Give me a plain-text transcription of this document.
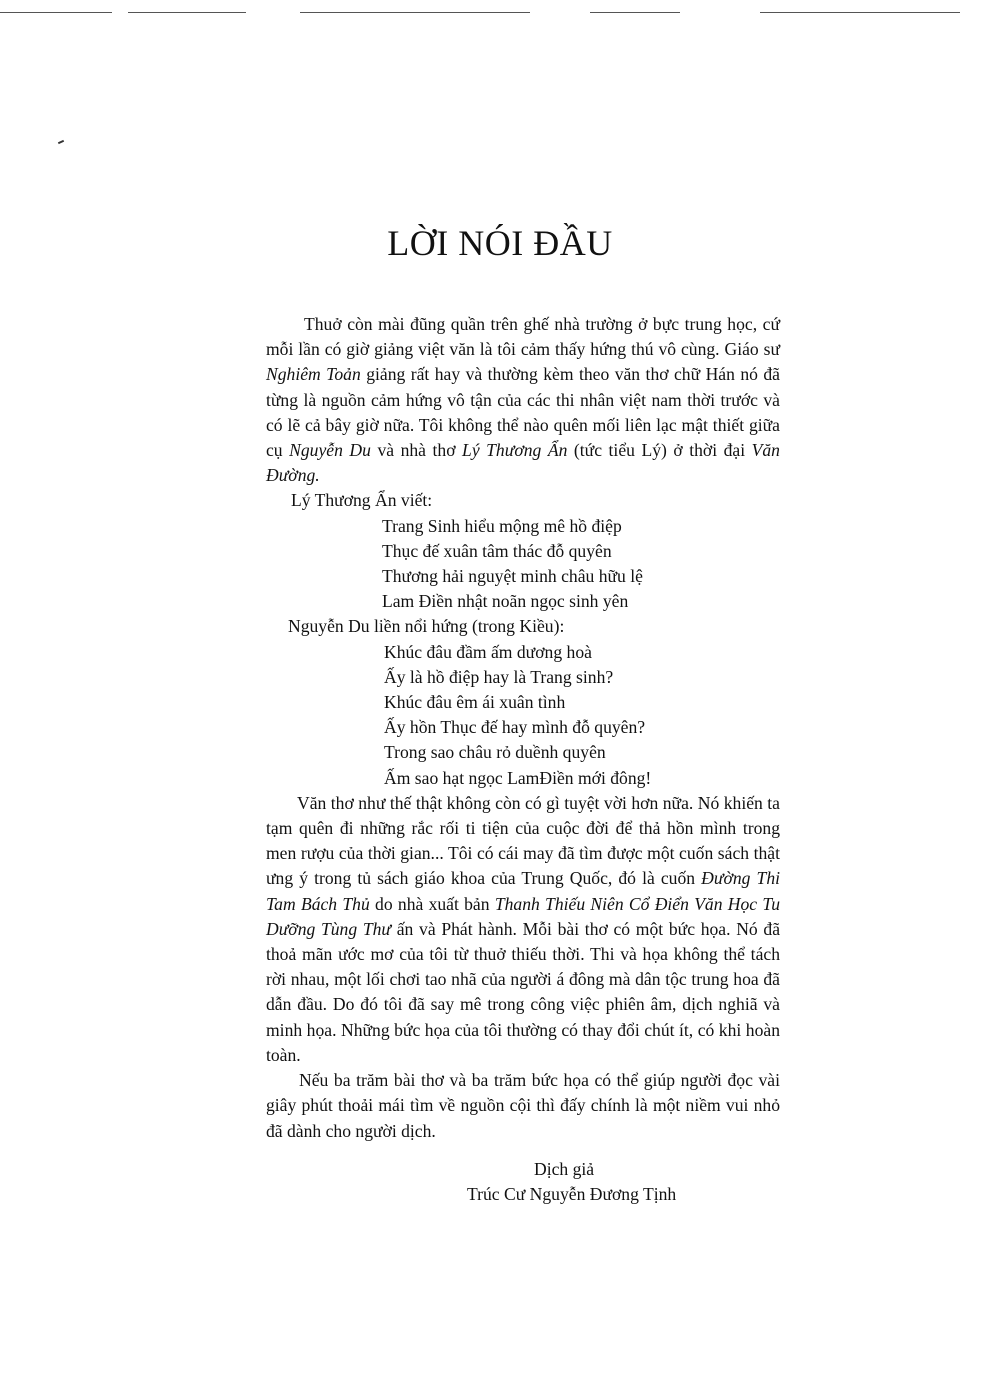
LỜI NÓI ĐẦU

Thuở còn mài đũng quần trên ghế nhà trường ở bực trung học, cứ mỗi lần có giờ giảng việt văn là tôi cảm thấy hứng thú vô cùng. Giáo sư Nghiêm Toản giảng rất hay và thường kèm theo văn thơ chữ Hán nó đã từng là nguồn cảm hứng vô tận của các thi nhân việt nam thời trước và có lẽ cả bây giờ nữa. Tôi không thể nào quên mối liên lạc mật thiết giữa cụ Nguyễn Du và nhà thơ Lý Thương Ẩn (tức tiểu Lý) ở thời đại Văn Đường.

Lý Thương Ẩn viết:

Trang Sinh hiểu mộng mê hồ điệp

Thục đế xuân tâm thác đỗ quyên

Thương hải nguyệt minh châu hữu lệ

Lam Điền nhật noãn ngọc sinh yên

Nguyễn Du liền nổi hứng (trong Kiều):

Khúc đâu đầm ấm dương hoà

Ấy là hồ điệp hay là Trang sinh?

Khúc đâu êm ái xuân tình

Ấy hồn Thục đế hay mình đỗ quyên?

Trong sao châu rỏ duềnh quyên

Ấm sao hạt ngọc LamĐiền mới đông!

Văn thơ như thế thật không còn có gì tuyệt vời hơn nữa. Nó khiến ta tạm quên đi những rắc rối ti tiện của cuộc đời để thả hồn mình trong men rượu của thời gian... Tôi có cái may đã tìm được một cuốn sách thật ưng ý trong tủ sách giáo khoa của Trung Quốc, đó là cuốn Đường Thi Tam Bách Thủ do nhà xuất bản Thanh Thiếu Niên Cổ Điển Văn Học Tu Dưỡng Tùng Thư ấn và Phát hành. Mỗi bài thơ có một bức họa. Nó đã thoả mãn ước mơ của tôi từ thuở thiếu thời. Thi và họa không thể tách rời nhau, một lối chơi tao nhã của người á đông mà dân tộc trung hoa đã dẫn đầu. Do đó tôi đã say mê trong công việc phiên âm, dịch nghiã và minh họa. Những bức họa của tôi thường có thay đổi chút ít, có khi hoàn toàn.

Nếu ba trăm bài thơ và ba trăm bức họa có thể giúp người đọc vài giây phút thoải mái tìm về nguồn cội thì đấy chính là một niềm vui nhỏ đã dành cho người dịch.

Dịch giả

Trúc Cư Nguyễn Đương Tịnh
